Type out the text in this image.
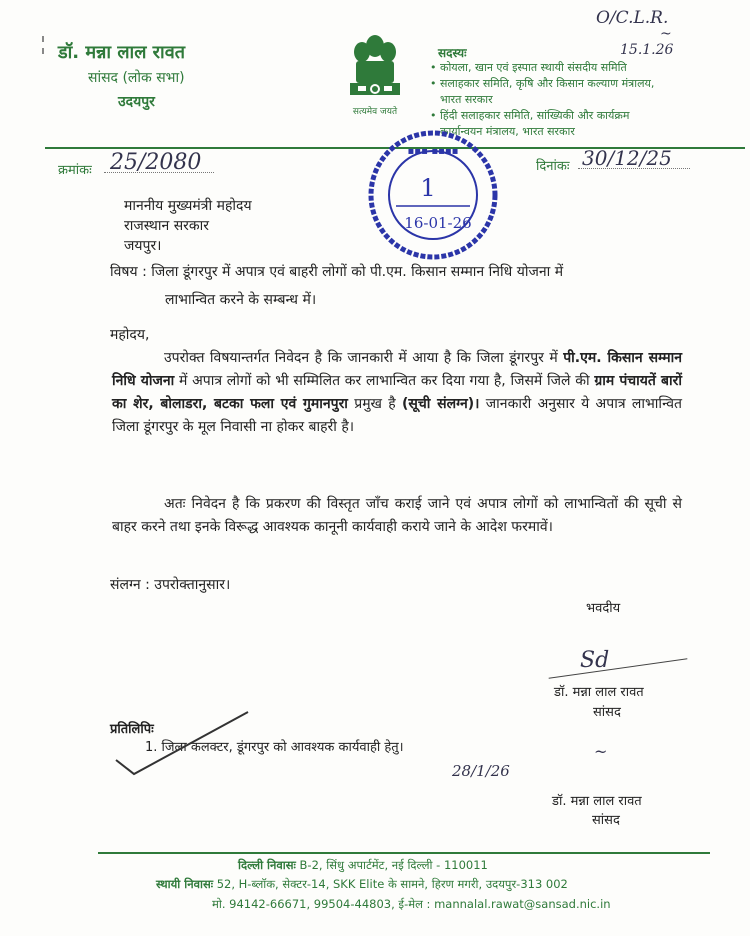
डॉ. मन्ना लाल रावत
सांसद (लोक सभा)
उदयपुर
सत्यमेव जयते
सदस्यः
• कोयला, खान एवं इस्पात स्थायी संसदीय समिति
• सलाहकार समिति, कृषि और किसान कल्याण मंत्रालय,
भारत सरकार
• हिंदी सलाहकार समिति, सांख्यिकी और कार्यक्रम
कार्यान्वयन मंत्रालय, भारत सरकार
O/C.L.R.
15.1.26
~
क्रमांकः 25/2080	दिनांकः 30/12/25
▪▪▪ ▪▪▪▪
1
16-01-26
माननीय मुख्यमंत्री महोदय
राजस्थान सरकार
जयपुर।
विषय : जिला डूंगरपुर में अपात्र एवं बाहरी लोगों को पी.एम. किसान सम्मान निधि योजना में
लाभान्वित करने के सम्बन्ध में।
महोदय,
उपरोक्त विषयान्तर्गत निवेदन है कि जानकारी में आया है कि जिला डूंगरपुर में पी.एम. किसान सम्मान निधि योजना में अपात्र लोगों को भी सम्मिलित कर लाभान्वित कर दिया गया है, जिसमें जिले की ग्राम पंचायतें बारों का शेर, बोलाडरा, बटका फला एवं गुमानपुरा प्रमुख है (सूची संलग्न)। जानकारी अनुसार ये अपात्र लाभान्वित जिला डूंगरपुर के मूल निवासी ना होकर बाहरी है।
अतः निवेदन है कि प्रकरण की विस्तृत जाँच कराई जाने एवं अपात्र लोगों को लाभान्वितों की सूची से बाहर करने तथा इनके विरूद्ध आवश्यक कानूनी कार्यवाही कराये जाने के आदेश फरमावें।
संलग्न : उपरोक्तानुसार।
भवदीय
Sd
डॉ. मन्ना लाल रावत
सांसद
प्रतिलिपिः
1. जिला कलक्टर, डूंगरपुर को आवश्यक कार्यवाही हेतु।
28/1/26
~
डॉ. मन्ना लाल रावत
सांसद
दिल्ली निवासः B-2, सिंधु अपार्टमेंट, नई दिल्ली - 110011
स्थायी निवासः 52, H-ब्लॉक, सेक्टर-14, SKK Elite के सामने, हिरण मगरी, उदयपुर-313 002
मो. 94142-66671, 99504-44803, ई-मेल : mannalal.rawat@sansad.nic.in
